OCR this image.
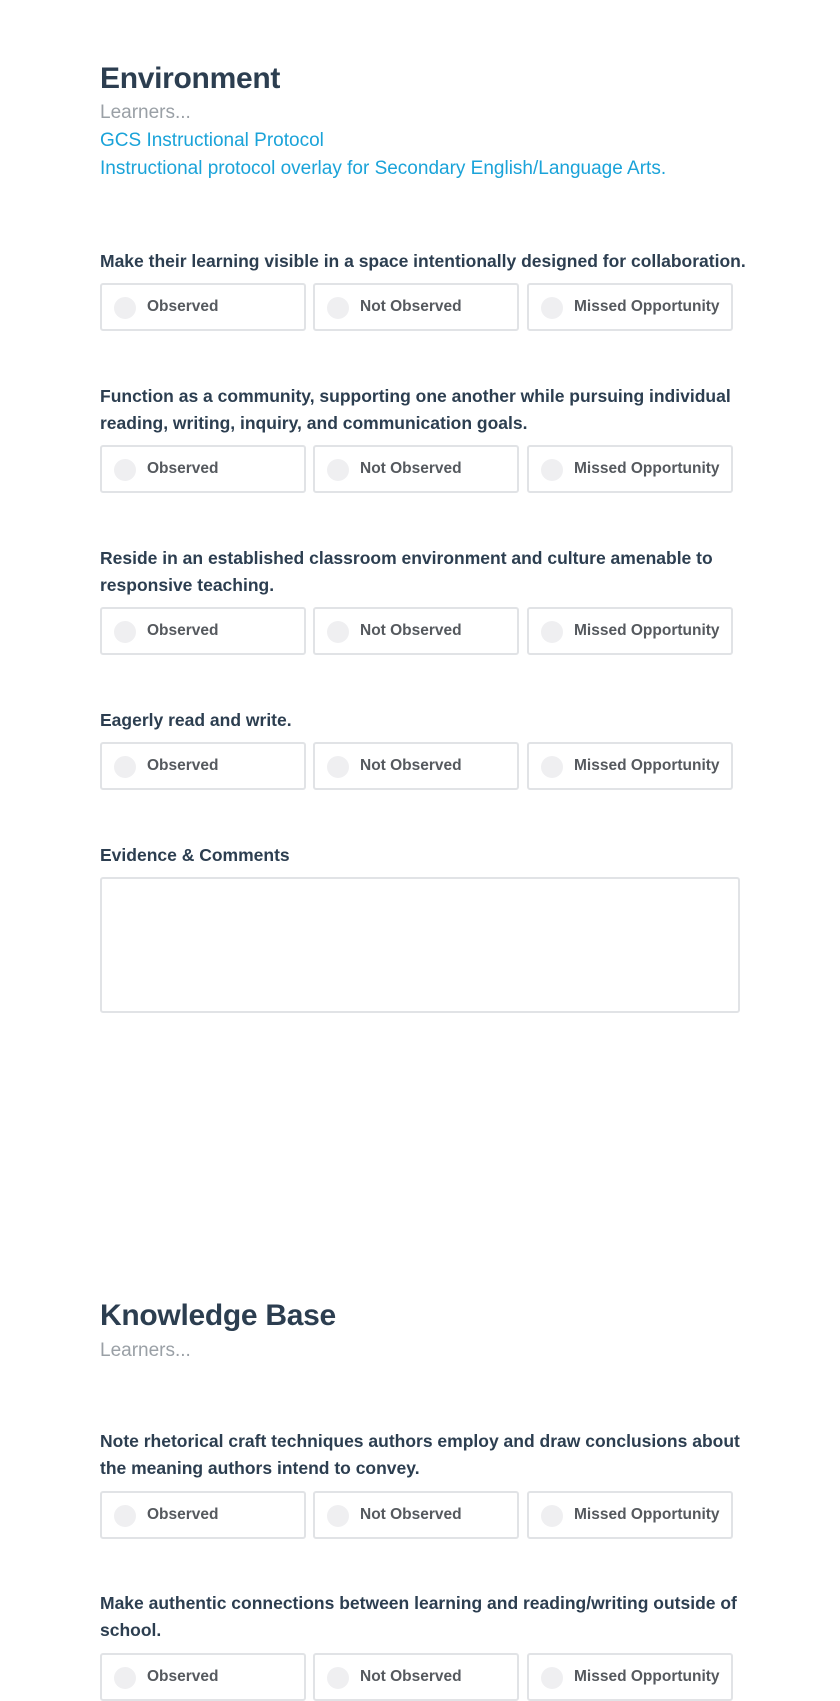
Environment
Learners...
GCS Instructional Protocol
Instructional protocol overlay for Secondary English/Language Arts.
Make their learning visible in a space intentionally designed for collaboration.
Observed	Not Observed	Missed Opportunity
Function as a community, supporting one another while pursuing individual reading, writing, inquiry, and communication goals.
Observed	Not Observed	Missed Opportunity
Reside in an established classroom environment and culture amenable to responsive teaching.
Observed	Not Observed	Missed Opportunity
Eagerly read and write.
Observed	Not Observed	Missed Opportunity
Evidence & Comments
Knowledge Base
Learners...
Note rhetorical craft techniques authors employ and draw conclusions about the meaning authors intend to convey.
Observed	Not Observed	Missed Opportunity
Make authentic connections between learning and reading/writing outside of school.
Observed	Not Observed	Missed Opportunity
